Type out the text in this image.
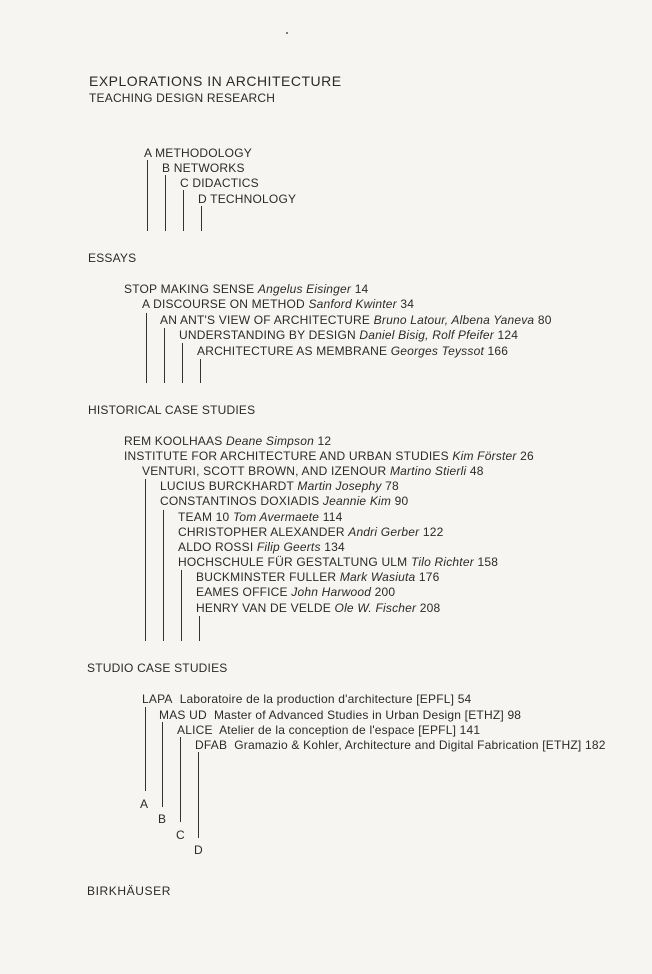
EXPLORATIONS IN ARCHITECTURE
TEACHING DESIGN RESEARCH
A METHODOLOGY
B NETWORKS
C DIDACTICS
D TECHNOLOGY
ESSAYS
STOP MAKING SENSE Angelus Eisinger 14
A DISCOURSE ON METHOD Sanford Kwinter 34
AN ANT'S VIEW OF ARCHITECTURE Bruno Latour, Albena Yaneva 80
UNDERSTANDING BY DESIGN Daniel Bisig, Rolf Pfeifer 124
ARCHITECTURE AS MEMBRANE Georges Teyssot 166
HISTORICAL CASE STUDIES
REM KOOLHAAS Deane Simpson 12
INSTITUTE FOR ARCHITECTURE AND URBAN STUDIES Kim Förster 26
VENTURI, SCOTT BROWN, AND IZENOUR Martino Stierli 48
LUCIUS BURCKHARDT Martin Josephy 78
CONSTANTINOS DOXIADIS Jeannie Kim 90
TEAM 10 Tom Avermaete 114
CHRISTOPHER ALEXANDER Andri Gerber 122
ALDO ROSSI Filip Geerts 134
HOCHSCHULE FÜR GESTALTUNG ULM Tilo Richter 158
BUCKMINSTER FULLER Mark Wasiuta 176
EAMES OFFICE John Harwood 200
HENRY VAN DE VELDE Ole W. Fischer 208
STUDIO CASE STUDIES
LAPA Laboratoire de la production d'architecture [EPFL] 54
MAS UD Master of Advanced Studies in Urban Design [ETHZ] 98
ALICE Atelier de la conception de l'espace [EPFL] 141
DFAB Gramazio & Kohler, Architecture and Digital Fabrication [ETHZ] 182
A
B
C
D
BIRKHÄUSER
